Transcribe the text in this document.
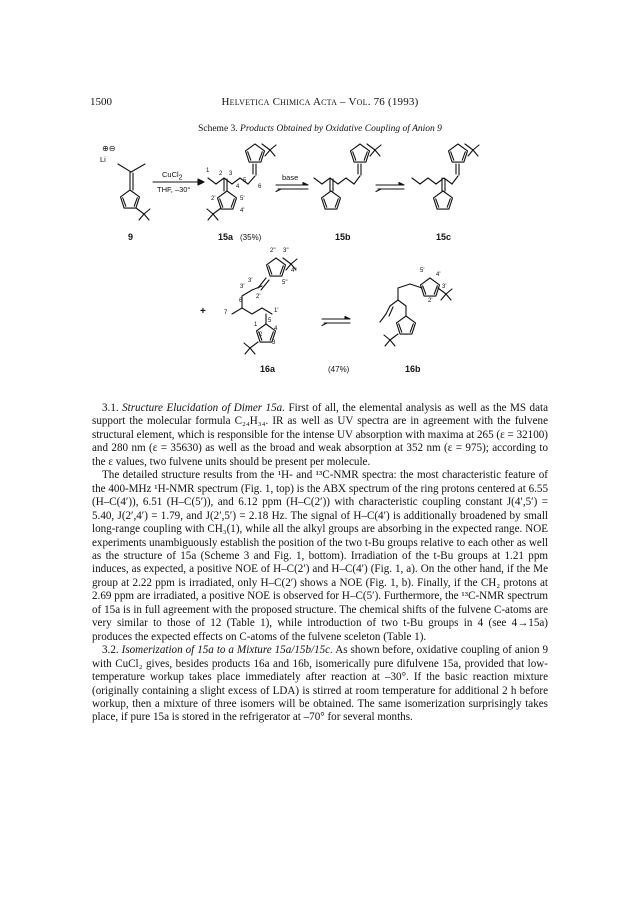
1500	Helvetica Chimica Acta – Vol. 76 (1993)
Scheme 3. Products Obtained by Oxidative Coupling of Anion 9
⊕⊖
Li
CuCl$_2$
THF, –30°
base
1 2 3
4
5
6
2'	5'
4'
9	15a (35%)	15b	15c
+	7
6
1
2
3
4
5
1'
2'
3'
2'' 3''
4''
5''
3'
5'
4'
3'
2'
16a	(47%)	16b

3.1. Structure Elucidation of Dimer 15a. First of all, the elemental analysis as well as the MS data support the molecular formula C₂₄H₃₄. IR as well as UV spectra are in agreement with the fulvene structural element, which is responsible for the intense UV absorption with maxima at 265 (ε = 32100) and 280 nm (ε = 35630) as well as the broad and weak absorption at 352 nm (ε = 975); according to the ε values, two fulvene units should be present per molecule.

The detailed structure results from the ¹H- and ¹³C-NMR spectra: the most characteristic feature of the 400-MHz ¹H-NMR spectrum (Fig. 1, top) is the ABX spectrum of the ring protons centered at 6.55 (H–C(4′)), 6.51 (H–C(5′)), and 6.12 ppm (H–C(2′)) with characteristic coupling constant J(4′,5′) = 5.40, J(2′,4′) = 1.79, and J(2′,5′) = 2.18 Hz. The signal of H–C(4′) is additionally broadened by small long-range coupling with CH₃(1), while all the alkyl groups are absorbing in the expected range. NOE experiments unambiguously establish the position of the two t-Bu groups relative to each other as well as the structure of 15a (Scheme 3 and Fig. 1, bottom). Irradiation of the t-Bu groups at 1.21 ppm induces, as expected, a positive NOE of H–C(2′) and H–C(4′) (Fig. 1, a). On the other hand, if the Me group at 2.22 ppm is irradiated, only H–C(2′) shows a NOE (Fig. 1, b). Finally, if the CH₂ protons at 2.69 ppm are irradiated, a positive NOE is observed for H–C(5′). Furthermore, the ¹³C-NMR spectrum of 15a is in full agreement with the proposed structure. The chemical shifts of the fulvene C-atoms are very similar to those of 12 (Table 1), while introduction of two t-Bu groups in 4 (see 4→15a) produces the expected effects on C-atoms of the fulvene sceleton (Table 1).

3.2. Isomerization of 15a to a Mixture 15a/15b/15c. As shown before, oxidative coupling of anion 9 with CuCl₂ gives, besides products 16a and 16b, isomerically pure difulvene 15a, provided that low-temperature workup takes place immediately after reaction at –30°. If the basic reaction mixture (originally containing a slight excess of LDA) is stirred at room temperature for additional 2 h before workup, then a mixture of three isomers will be obtained. The same isomerization surprisingly takes place, if pure 15a is stored in the refrigerator at –70° for several months.
